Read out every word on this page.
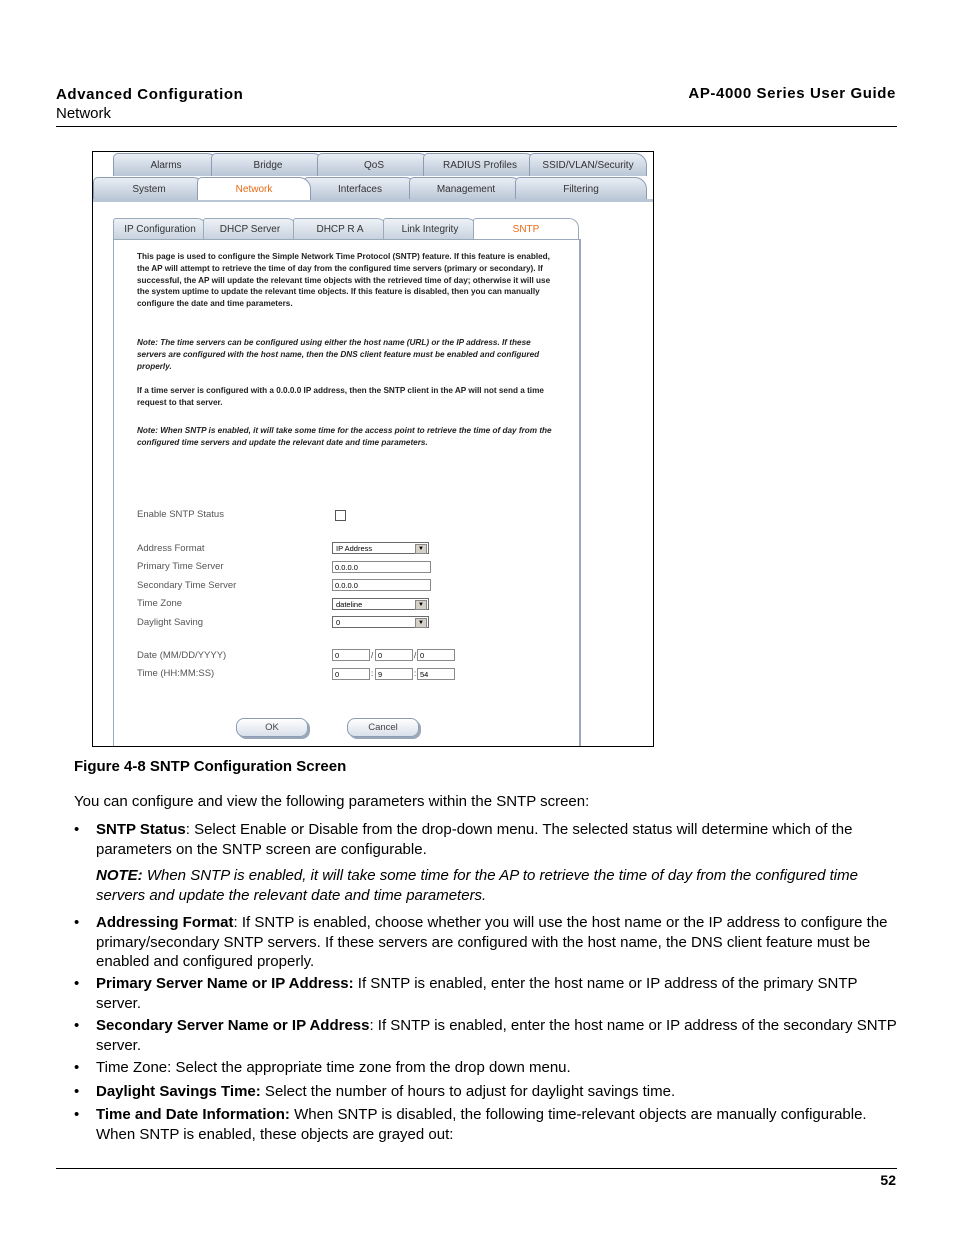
Advanced Configuration
Network
AP-4000 Series User Guide
Alarms	Bridge	QoS	RADIUS Profiles	SSID/VLAN/Security
System	Network	Interfaces	Management	Filtering
IP Configuration	DHCP Server	DHCP R A	Link Integrity	SNTP

This page is used to configure the Simple Network Time Protocol (SNTP) feature. If this feature is enabled, the AP will attempt to retrieve the time of day from the configured time servers (primary or secondary). If successful, the AP will update the relevant time objects with the retrieved time of day; otherwise it will use the system uptime to update the relevant time objects. If this feature is disabled, then you can manually configure the date and time parameters.

Note: The time servers can be configured using either the host name (URL) or the IP address. If these servers are configured with the host name, then the DNS client feature must be enabled and configured properly.

If a time server is configured with a 0.0.0.0 IP address, then the SNTP client in the AP will not send a time request to that server.

Note: When SNTP is enabled, it will take some time for the access point to retrieve the time of day from the configured time servers and update the relevant date and time parameters.

Enable SNTP Status
Address Format	IP Address	▼
Primary Time Server	0.0.0.0
Secondary Time Server	0.0.0.0
Time Zone	dateline	▼
Daylight Saving	0	▼
Date (MM/DD/YYYY)	0	/ 0	/ 0
Time (HH:MM:SS)	0	: 9	: 54
OK	Cancel
Figure 4-8 SNTP Configuration Screen

You can configure and view the following parameters within the SNTP screen:

• SNTP Status: Select Enable or Disable from the drop-down menu. The selected status will determine which of the parameters on the SNTP screen are configurable.
NOTE: When SNTP is enabled, it will take some time for the AP to retrieve the time of day from the configured time servers and update the relevant date and time parameters.
• Addressing Format: If SNTP is enabled, choose whether you will use the host name or the IP address to configure the primary/secondary SNTP servers. If these servers are configured with the host name, the DNS client feature must be enabled and configured properly.
• Primary Server Name or IP Address: If SNTP is enabled, enter the host name or IP address of the primary SNTP server.
• Secondary Server Name or IP Address: If SNTP is enabled, enter the host name or IP address of the secondary SNTP server.
• Time Zone: Select the appropriate time zone from the drop down menu.
• Daylight Savings Time: Select the number of hours to adjust for daylight savings time.
• Time and Date Information: When SNTP is disabled, the following time-relevant objects are manually configurable. When SNTP is enabled, these objects are grayed out:
52
